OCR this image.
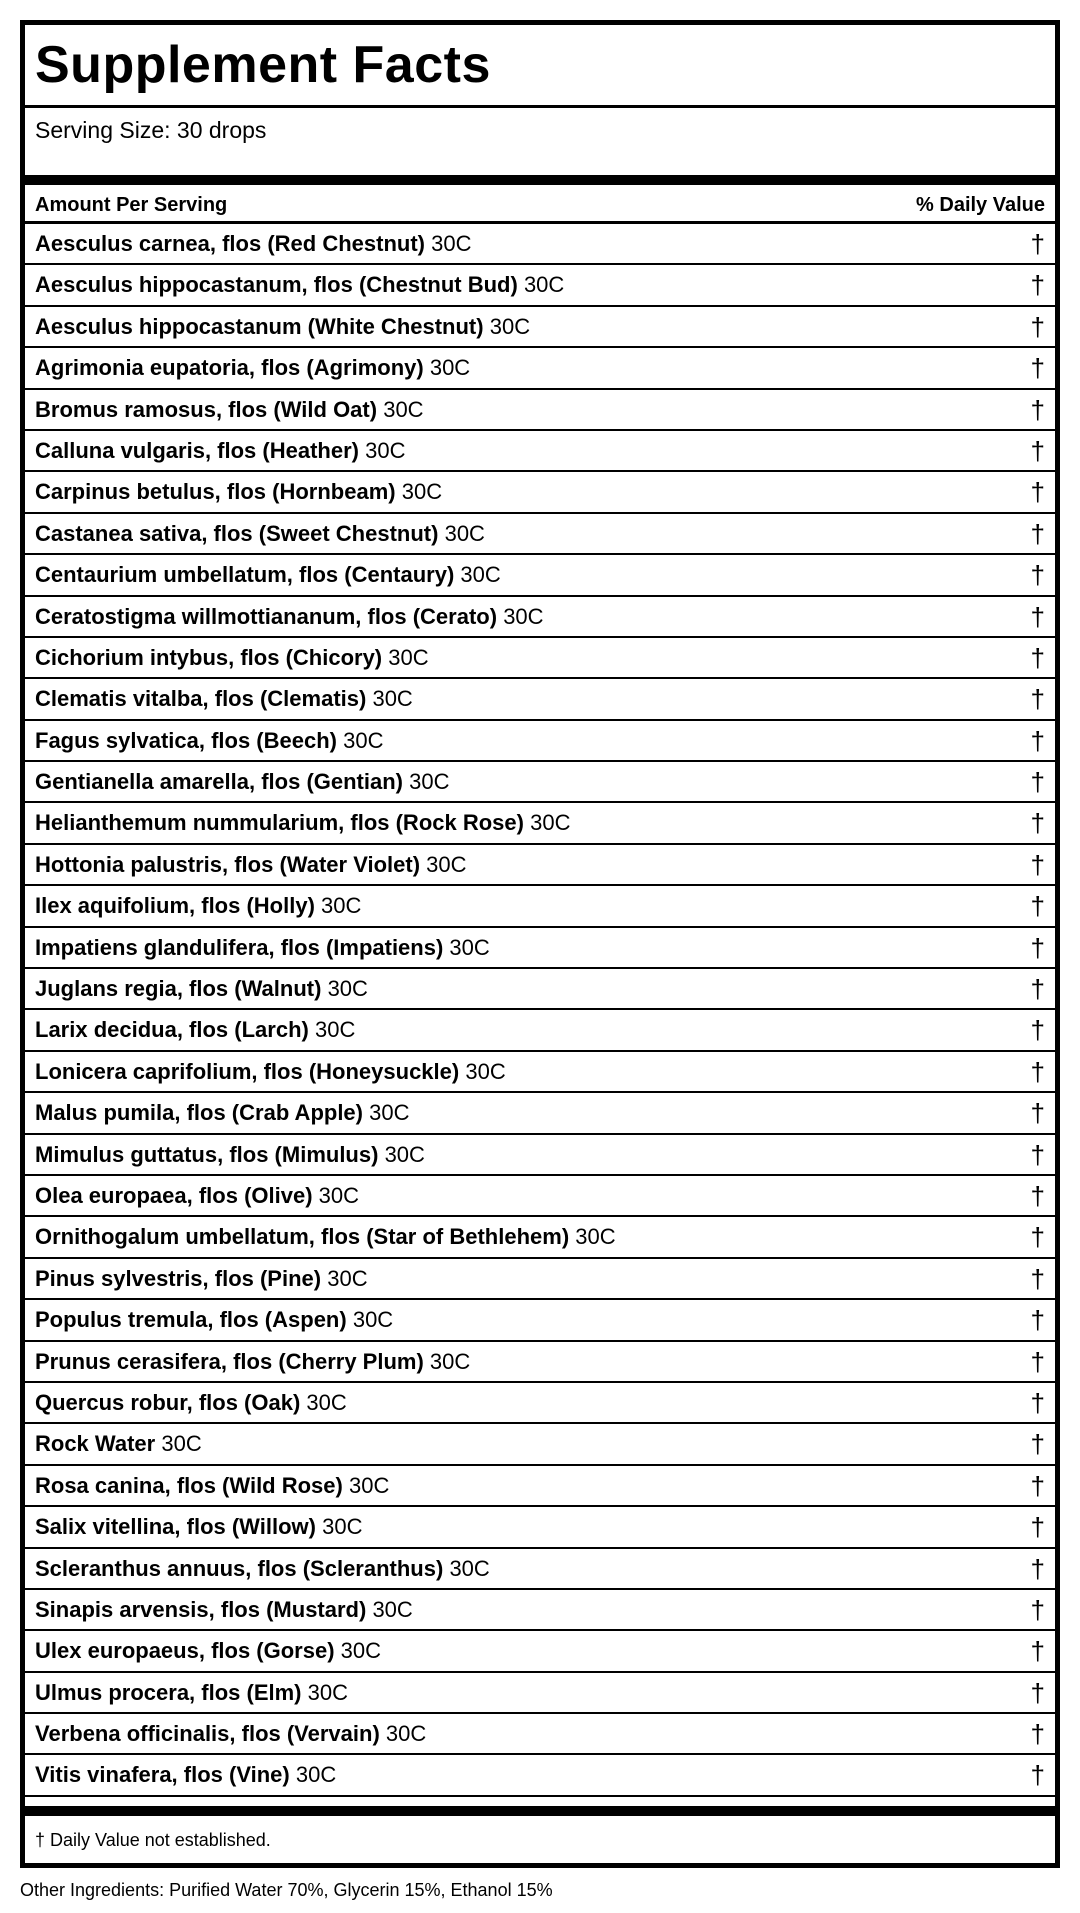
Supplement Facts
Serving Size: 30 drops
Amount Per Serving	% Daily Value
Aesculus carnea, flos (Red Chestnut) 30C	†
Aesculus hippocastanum, flos (Chestnut Bud) 30C	†
Aesculus hippocastanum (White Chestnut) 30C	†
Agrimonia eupatoria, flos (Agrimony) 30C	†
Bromus ramosus, flos (Wild Oat) 30C	†
Calluna vulgaris, flos (Heather) 30C	†
Carpinus betulus, flos (Hornbeam) 30C	†
Castanea sativa, flos (Sweet Chestnut) 30C	†
Centaurium umbellatum, flos (Centaury) 30C	†
Ceratostigma willmottiananum, flos (Cerato) 30C	†
Cichorium intybus, flos (Chicory) 30C	†
Clematis vitalba, flos (Clematis) 30C	†
Fagus sylvatica, flos (Beech) 30C	†
Gentianella amarella, flos (Gentian) 30C	†
Helianthemum nummularium, flos (Rock Rose) 30C	†
Hottonia palustris, flos (Water Violet) 30C	†
Ilex aquifolium, flos (Holly) 30C	†
Impatiens glandulifera, flos (Impatiens) 30C	†
Juglans regia, flos (Walnut) 30C	†
Larix decidua, flos (Larch) 30C	†
Lonicera caprifolium, flos (Honeysuckle) 30C	†
Malus pumila, flos (Crab Apple) 30C	†
Mimulus guttatus, flos (Mimulus) 30C	†
Olea europaea, flos (Olive) 30C	†
Ornithogalum umbellatum, flos (Star of Bethlehem) 30C	†
Pinus sylvestris, flos (Pine) 30C	†
Populus tremula, flos (Aspen) 30C	†
Prunus cerasifera, flos (Cherry Plum) 30C	†
Quercus robur, flos (Oak) 30C	†
Rock Water 30C	†
Rosa canina, flos (Wild Rose) 30C	†
Salix vitellina, flos (Willow) 30C	†
Scleranthus annuus, flos (Scleranthus) 30C	†
Sinapis arvensis, flos (Mustard) 30C	†
Ulex europaeus, flos (Gorse) 30C	†
Ulmus procera, flos (Elm) 30C	†
Verbena officinalis, flos (Vervain) 30C	†
Vitis vinafera, flos (Vine) 30C	†
† Daily Value not established.
Other Ingredients: Purified Water 70%, Glycerin 15%, Ethanol 15%
